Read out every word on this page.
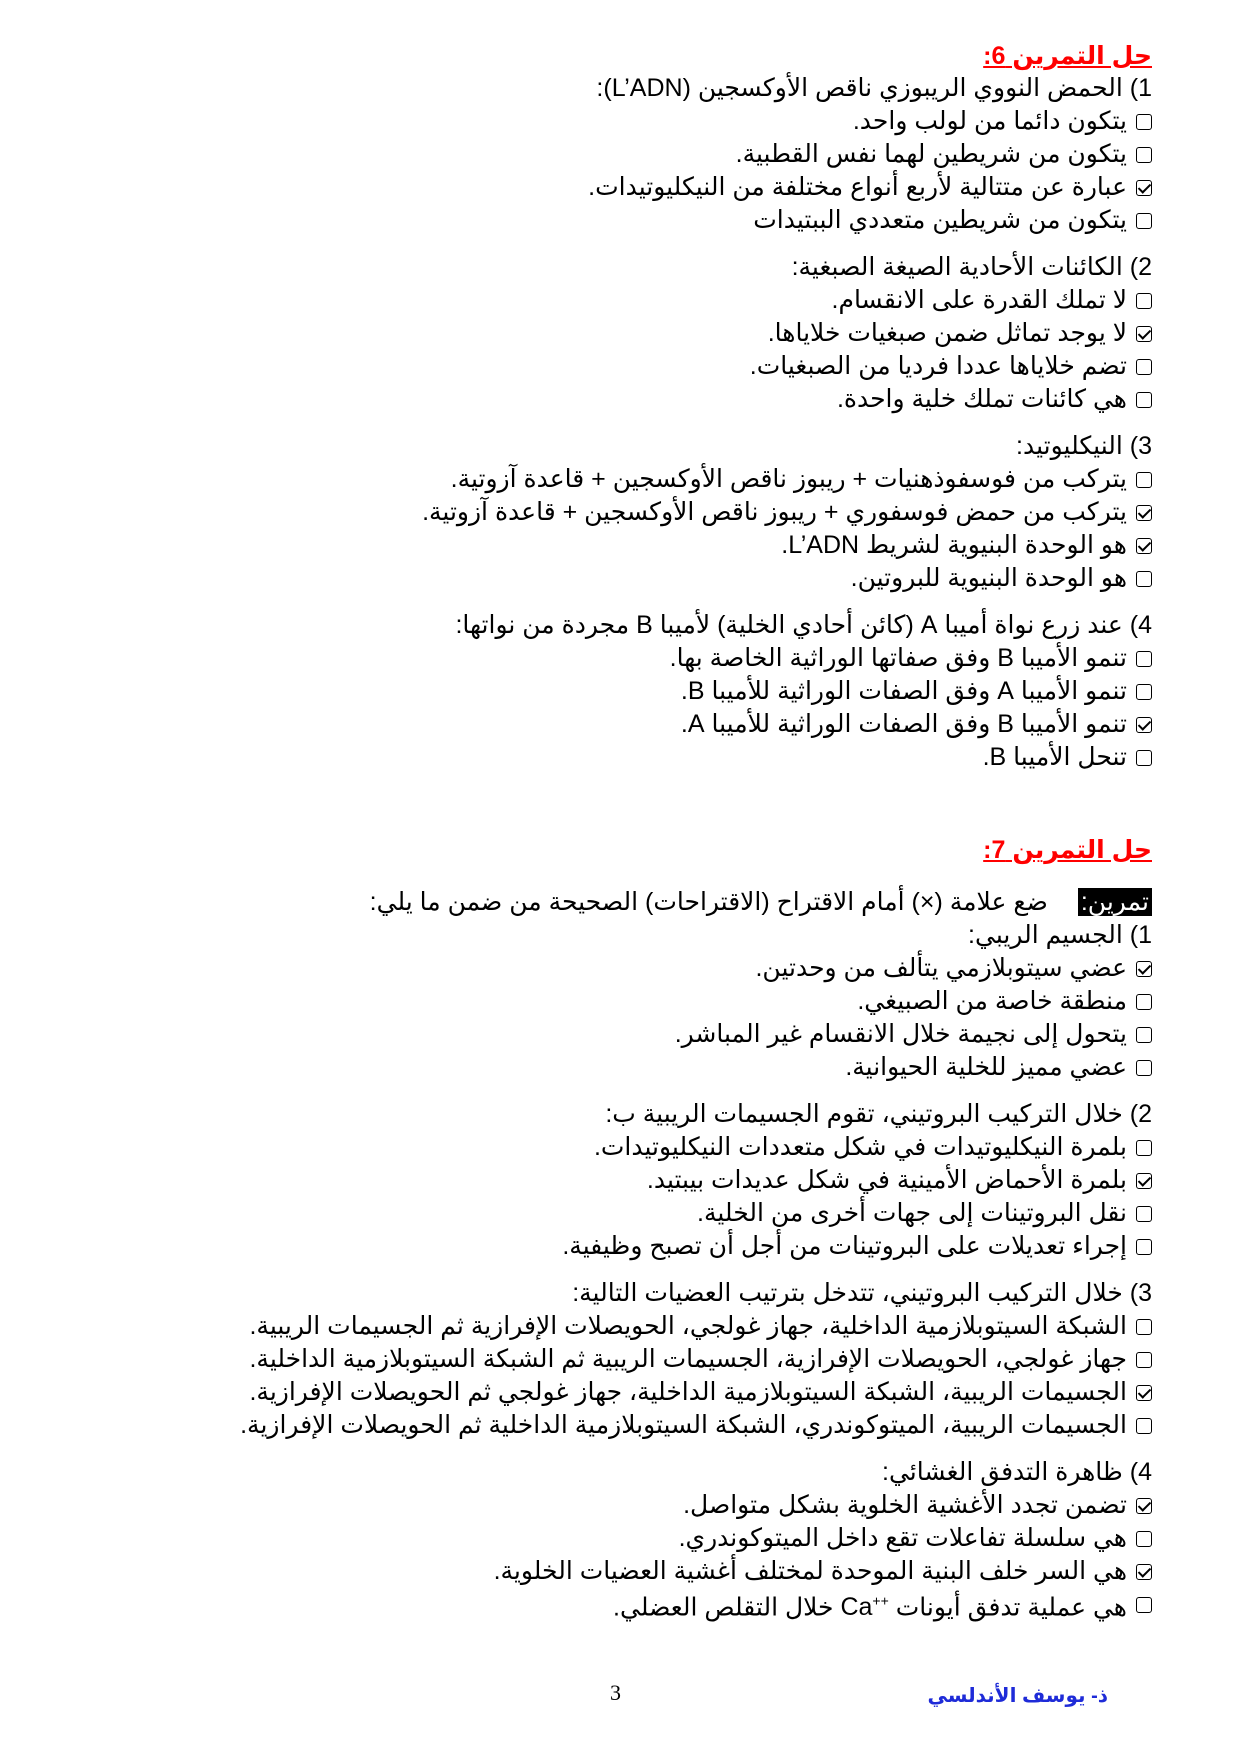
حل التمرين 6:
1) الحمض النووي الريبوزي ناقص الأوكسجين (L’ADN):
يتكون دائما من لولب واحد.
يتكون من شريطين لهما نفس القطبية.
عبارة عن متتالية لأربع أنواع مختلفة من النيكليوتيدات.
يتكون من شريطين متعددي الببتيدات
2) الكائنات الأحادية الصيغة الصبغية:
لا تملك القدرة على الانقسام.
لا يوجد تماثل ضمن صبغيات خلاياها.
تضم خلاياها عددا فرديا من الصبغيات.
هي كائنات تملك خلية واحدة.
3) النيكليوتيد:
يتركب من فوسفوذهنيات + ريبوز ناقص الأوكسجين + قاعدة آزوتية.
يتركب من حمض فوسفوري + ريبوز ناقص الأوكسجين + قاعدة آزوتية.
هو الوحدة البنيوية لشريط L’ADN.
هو الوحدة البنيوية للبروتين.
4) عند زرع نواة أميبا A (كائن أحادي الخلية) لأميبا B مجردة من نواتها:
تنمو الأميبا B وفق صفاتها الوراثية الخاصة بها.
تنمو الأميبا A وفق الصفات الوراثية للأميبا B.
تنمو الأميبا B وفق الصفات الوراثية للأميبا A.
تنحل الأميبا B.
حل التمرين 7:
تمرين:ضع علامة (×) أمام الاقتراح (الاقتراحات) الصحيحة من ضمن ما يلي:
1) الجسيم الريبي:
عضي سيتوبلازمي يتألف من وحدتين.
منطقة خاصة من الصبيغي.
يتحول إلى نجيمة خلال الانقسام غير المباشر.
عضي مميز للخلية الحيوانية.
2) خلال التركيب البروتيني، تقوم الجسيمات الريبية ب:
بلمرة النيكليوتيدات في شكل متعددات النيكليوتيدات.
بلمرة الأحماض الأمينية في شكل عديدات بيبتيد.
نقل البروتينات إلى جهات أخرى من الخلية.
إجراء تعديلات على البروتينات من أجل أن تصبح وظيفية.
3) خلال التركيب البروتيني، تتدخل بترتيب العضيات التالية:
الشبكة السيتوبلازمية الداخلية، جهاز غولجي، الحويصلات الإفرازية ثم الجسيمات الريبية.
جهاز غولجي، الحويصلات الإفرازية، الجسيمات الريبية ثم الشبكة السيتوبلازمية الداخلية.
الجسيمات الريبية، الشبكة السيتوبلازمية الداخلية، جهاز غولجي ثم الحويصلات الإفرازية.
الجسيمات الريبية، الميتوكوندري، الشبكة السيتوبلازمية الداخلية ثم الحويصلات الإفرازية.
4) ظاهرة التدفق الغشائي:
تضمن تجدد الأغشية الخلوية بشكل متواصل.
هي سلسلة تفاعلات تقع داخل الميتوكوندري.
هي السر خلف البنية الموحدة لمختلف أغشية العضيات الخلوية.
هي عملية تدفق أيونات Ca++ خلال التقلص العضلي.
3	ذ- يوسف الأندلسي
